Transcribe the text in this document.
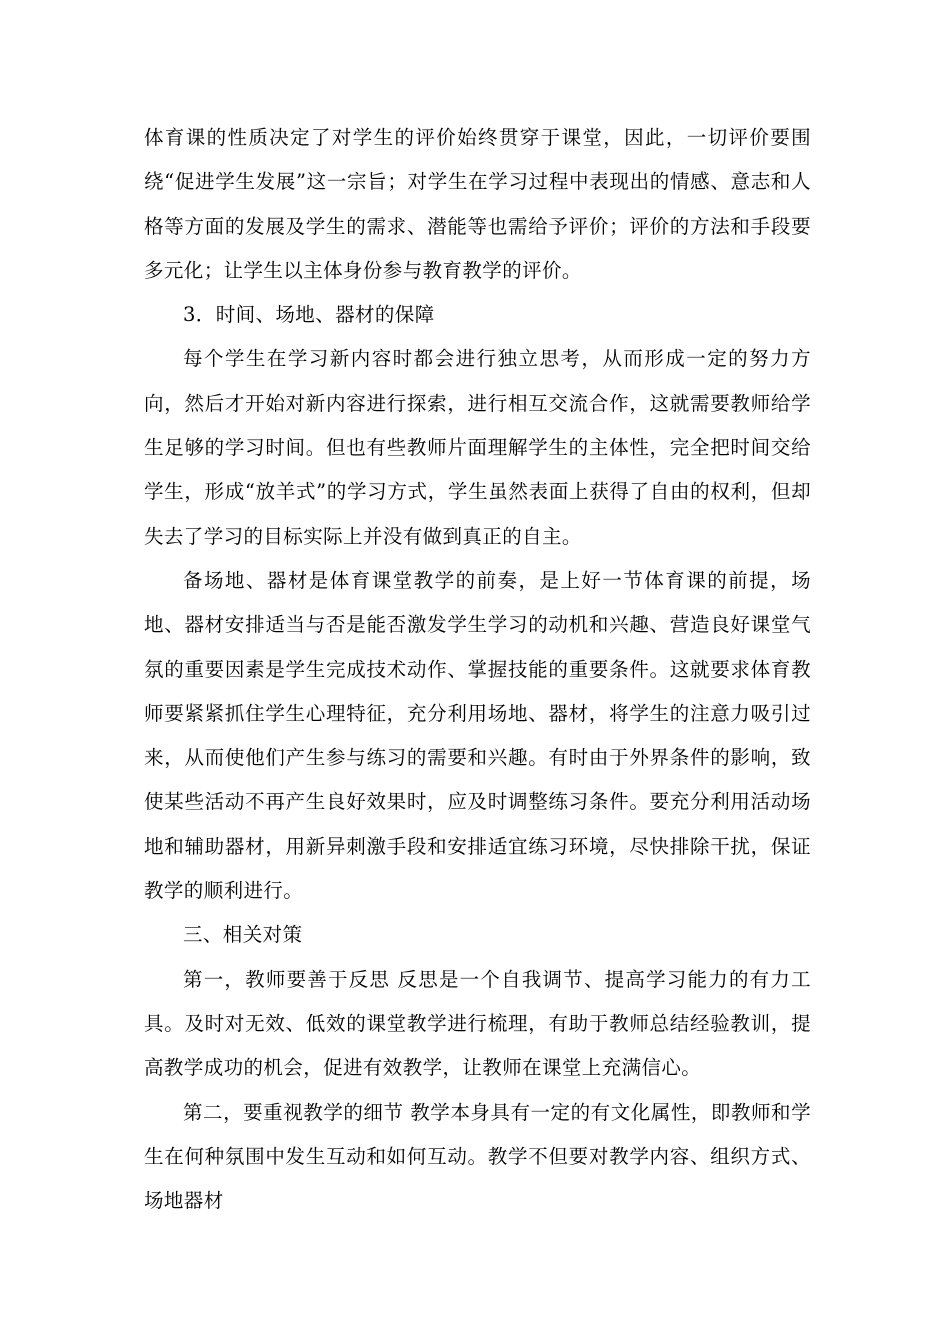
体育课的性质决定了对学生的评价始终贯穿于课堂，因此，一切评价要围绕“促进学生发展”这一宗旨；对学生在学习过程中表现出的情感、意志和人格等方面的发展及学生的需求、潜能等也需给予评价；评价的方法和手段要多元化；让学生以主体身份参与教育教学的评价。

3．时间、场地、器材的保障

每个学生在学习新内容时都会进行独立思考，从而形成一定的努力方向，然后才开始对新内容进行探索，进行相互交流合作，这就需要教师给学生足够的学习时间。但也有些教师片面理解学生的主体性，完全把时间交给学生，形成“放羊式”的学习方式，学生虽然表面上获得了自由的权利，但却失去了学习的目标实际上并没有做到真正的自主。

备场地、器材是体育课堂教学的前奏，是上好一节体育课的前提，场地、器材安排适当与否是能否激发学生学习的动机和兴趣、营造良好课堂气氛的重要因素是学生完成技术动作、掌握技能的重要条件。这就要求体育教师要紧紧抓住学生心理特征，充分利用场地、器材，将学生的注意力吸引过来，从而使他们产生参与练习的需要和兴趣。有时由于外界条件的影响，致使某些活动不再产生良好效果时，应及时调整练习条件。要充分利用活动场地和辅助器材，用新异刺激手段和安排适宜练习环境，尽快排除干扰，保证教学的顺利进行。

三、相关对策

第一，教师要善于反思 反思是一个自我调节、提高学习能力的有力工具。及时对无效、低效的课堂教学进行梳理，有助于教师总结经验教训，提高教学成功的机会，促进有效教学，让教师在课堂上充满信心。

第二，要重视教学的细节 教学本身具有一定的有文化属性，即教师和学生在何种氛围中发生互动和如何互动。教学不但要对教学内容、组织方式、场地器材
